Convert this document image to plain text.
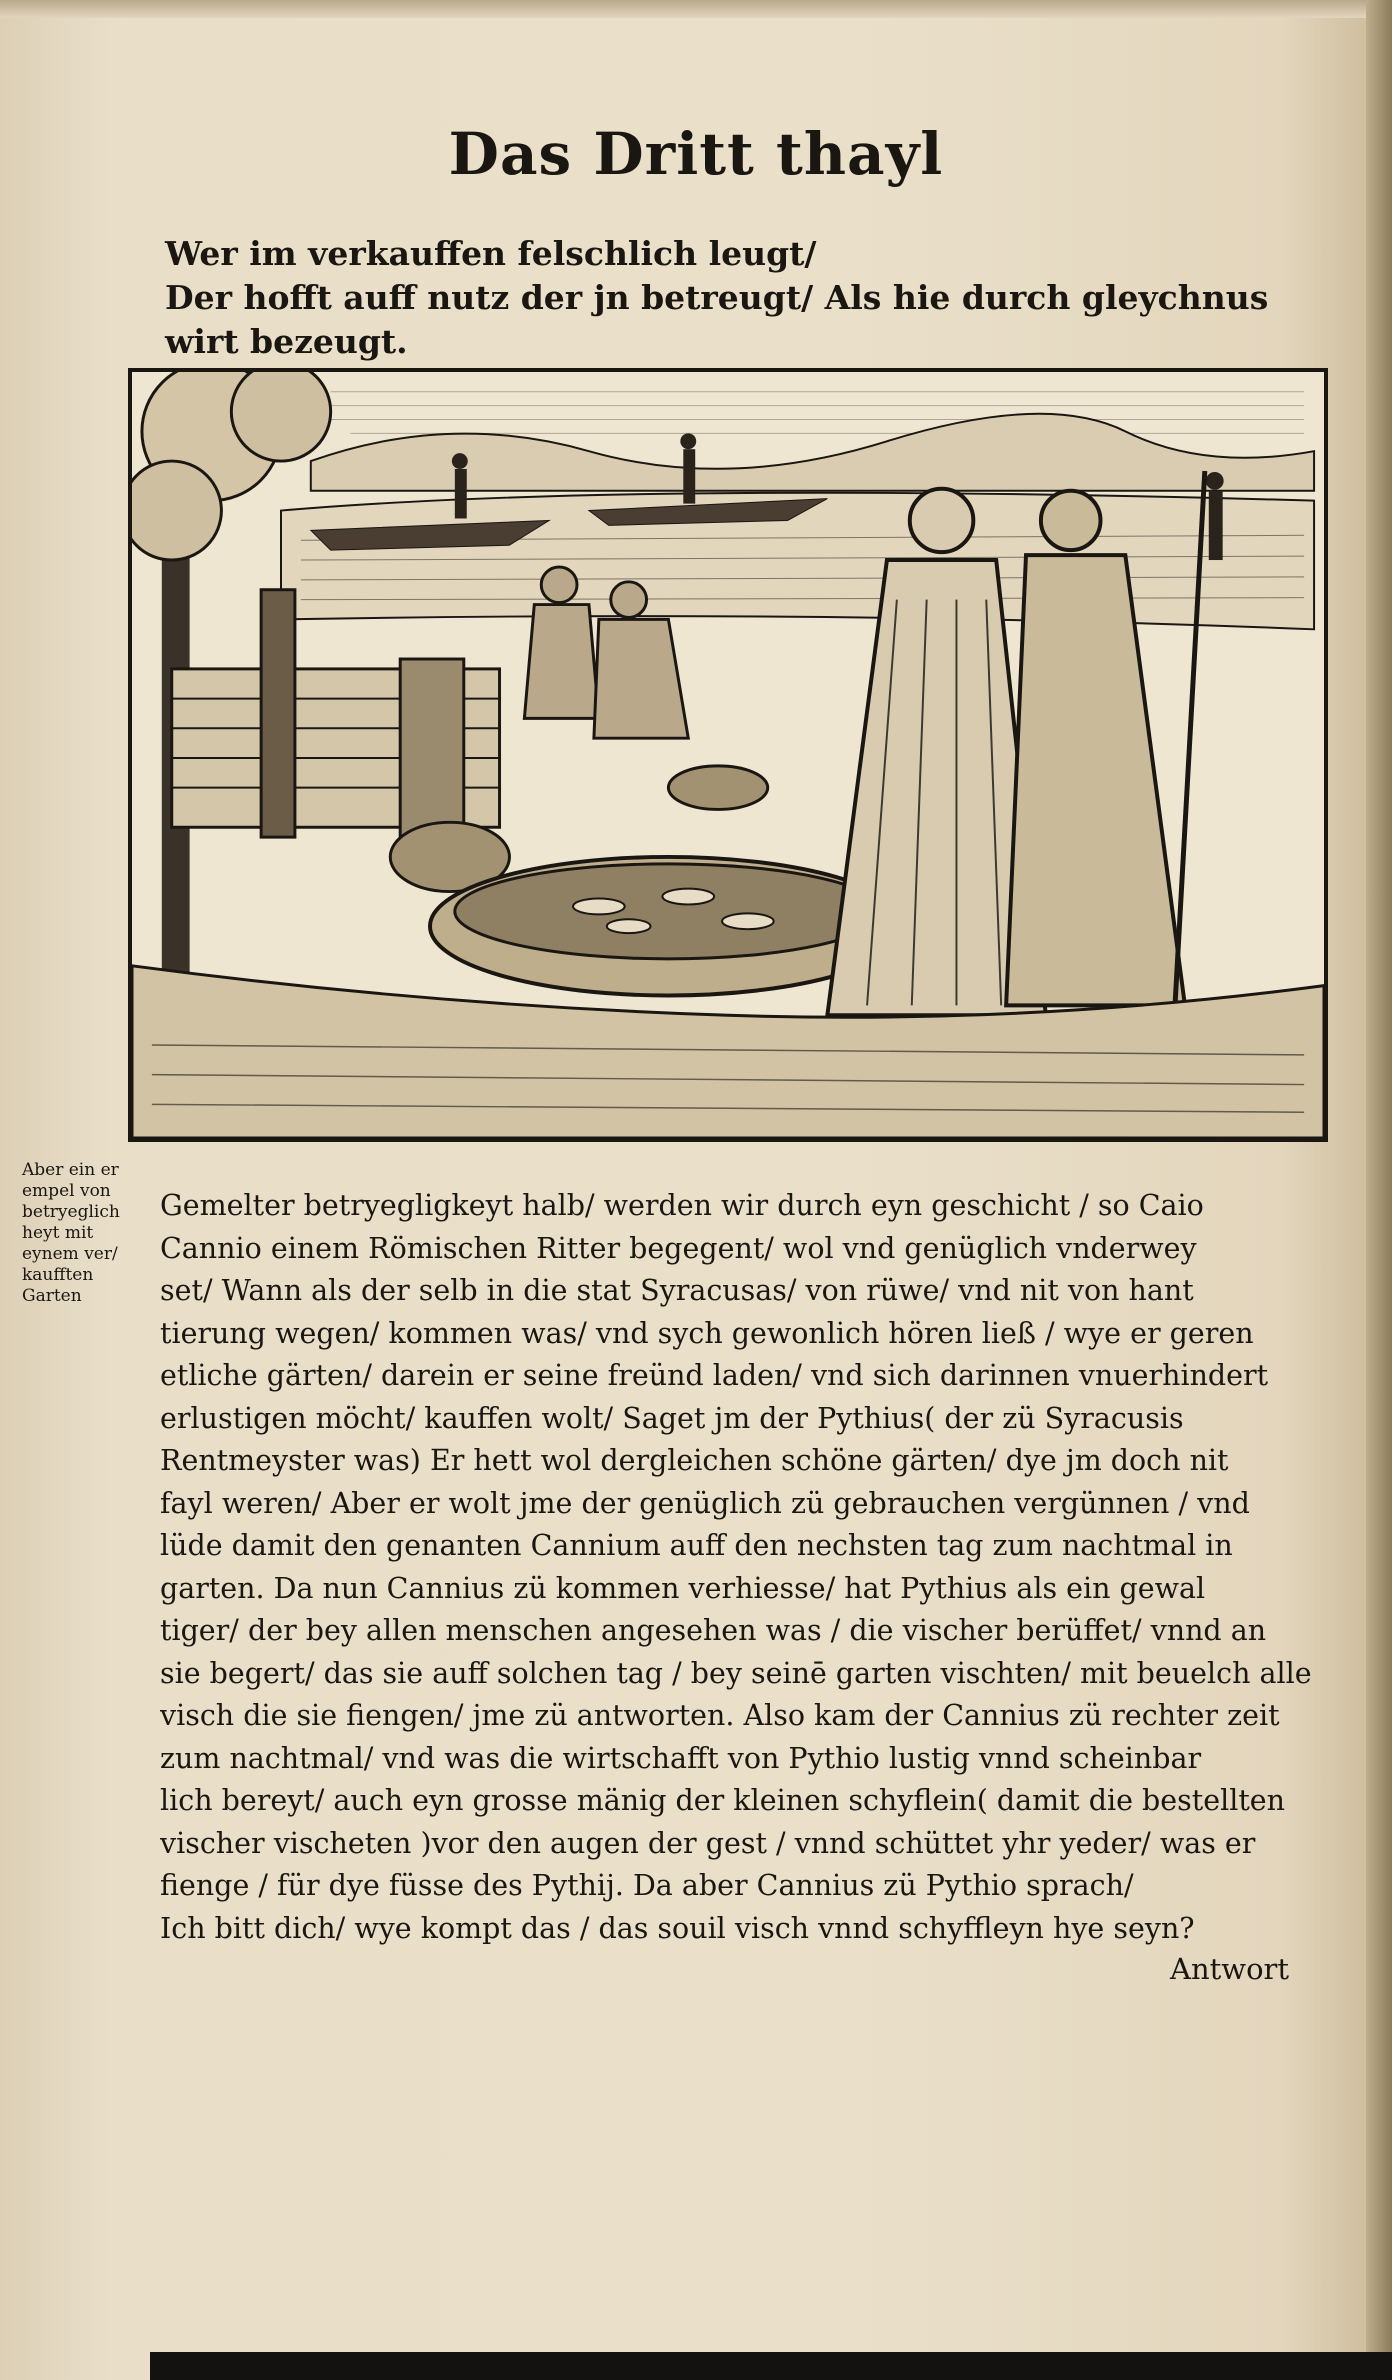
Das Dritt thayl
Wer im verkauffen felschlich leugt/
Der hofft auff nutz der jn betreugt/ Als hie durch gleychnus wirt bezeugt.
Aber ein er
empel von
betryeglich
heyt mit
eynem ver/
kaufften
Garten
Gemelter betryegligkeyt halb/ werden wir durch eyn geschicht / so Caio
Cannio einem Römischen Ritter begegent/ wol vnd genüglich vnderwey
set/ Wann als der selb in die stat Syracusas/ von rüwe/ vnd nit von hant
tierung wegen/ kommen was/ vnd sych gewonlich hören ließ / wye er geren
etliche gärten/ darein er seine freünd laden/ vnd sich darinnen vnuerhindert
erlustigen möcht/ kauffen wolt/ Saget jm der Pythius( der zü Syracusis
Rentmeyster was) Er hett wol dergleichen schöne gärten/ dye jm doch nit
fayl weren/ Aber er wolt jme der genüglich zü gebrauchen vergünnen / vnd
lüde damit den genanten Cannium auff den nechsten tag zum nachtmal in
garten. Da nun Cannius zü kommen verhiesse/ hat Pythius als ein gewal
tiger/ der bey allen menschen angesehen was / die vischer berüffet/ vnnd an
sie begert/ das sie auff solchen tag / bey seinē garten vischten/ mit beuelch alle
visch die sie fiengen/ jme zü antworten. Also kam der Cannius zü rechter zeit
zum nachtmal/ vnd was die wirtschafft von Pythio lustig vnnd scheinbar
lich bereyt/ auch eyn grosse mänig der kleinen schyflein( damit die bestellten
vischer vischeten )vor den augen der gest / vnnd schüttet yhr yeder/ was er
fienge / für dye füsse des Pythij. Da aber Cannius zü Pythio sprach/
Ich bitt dich/ wye kompt das / das souil visch vnnd schyffleyn hye seyn?
Antwort
